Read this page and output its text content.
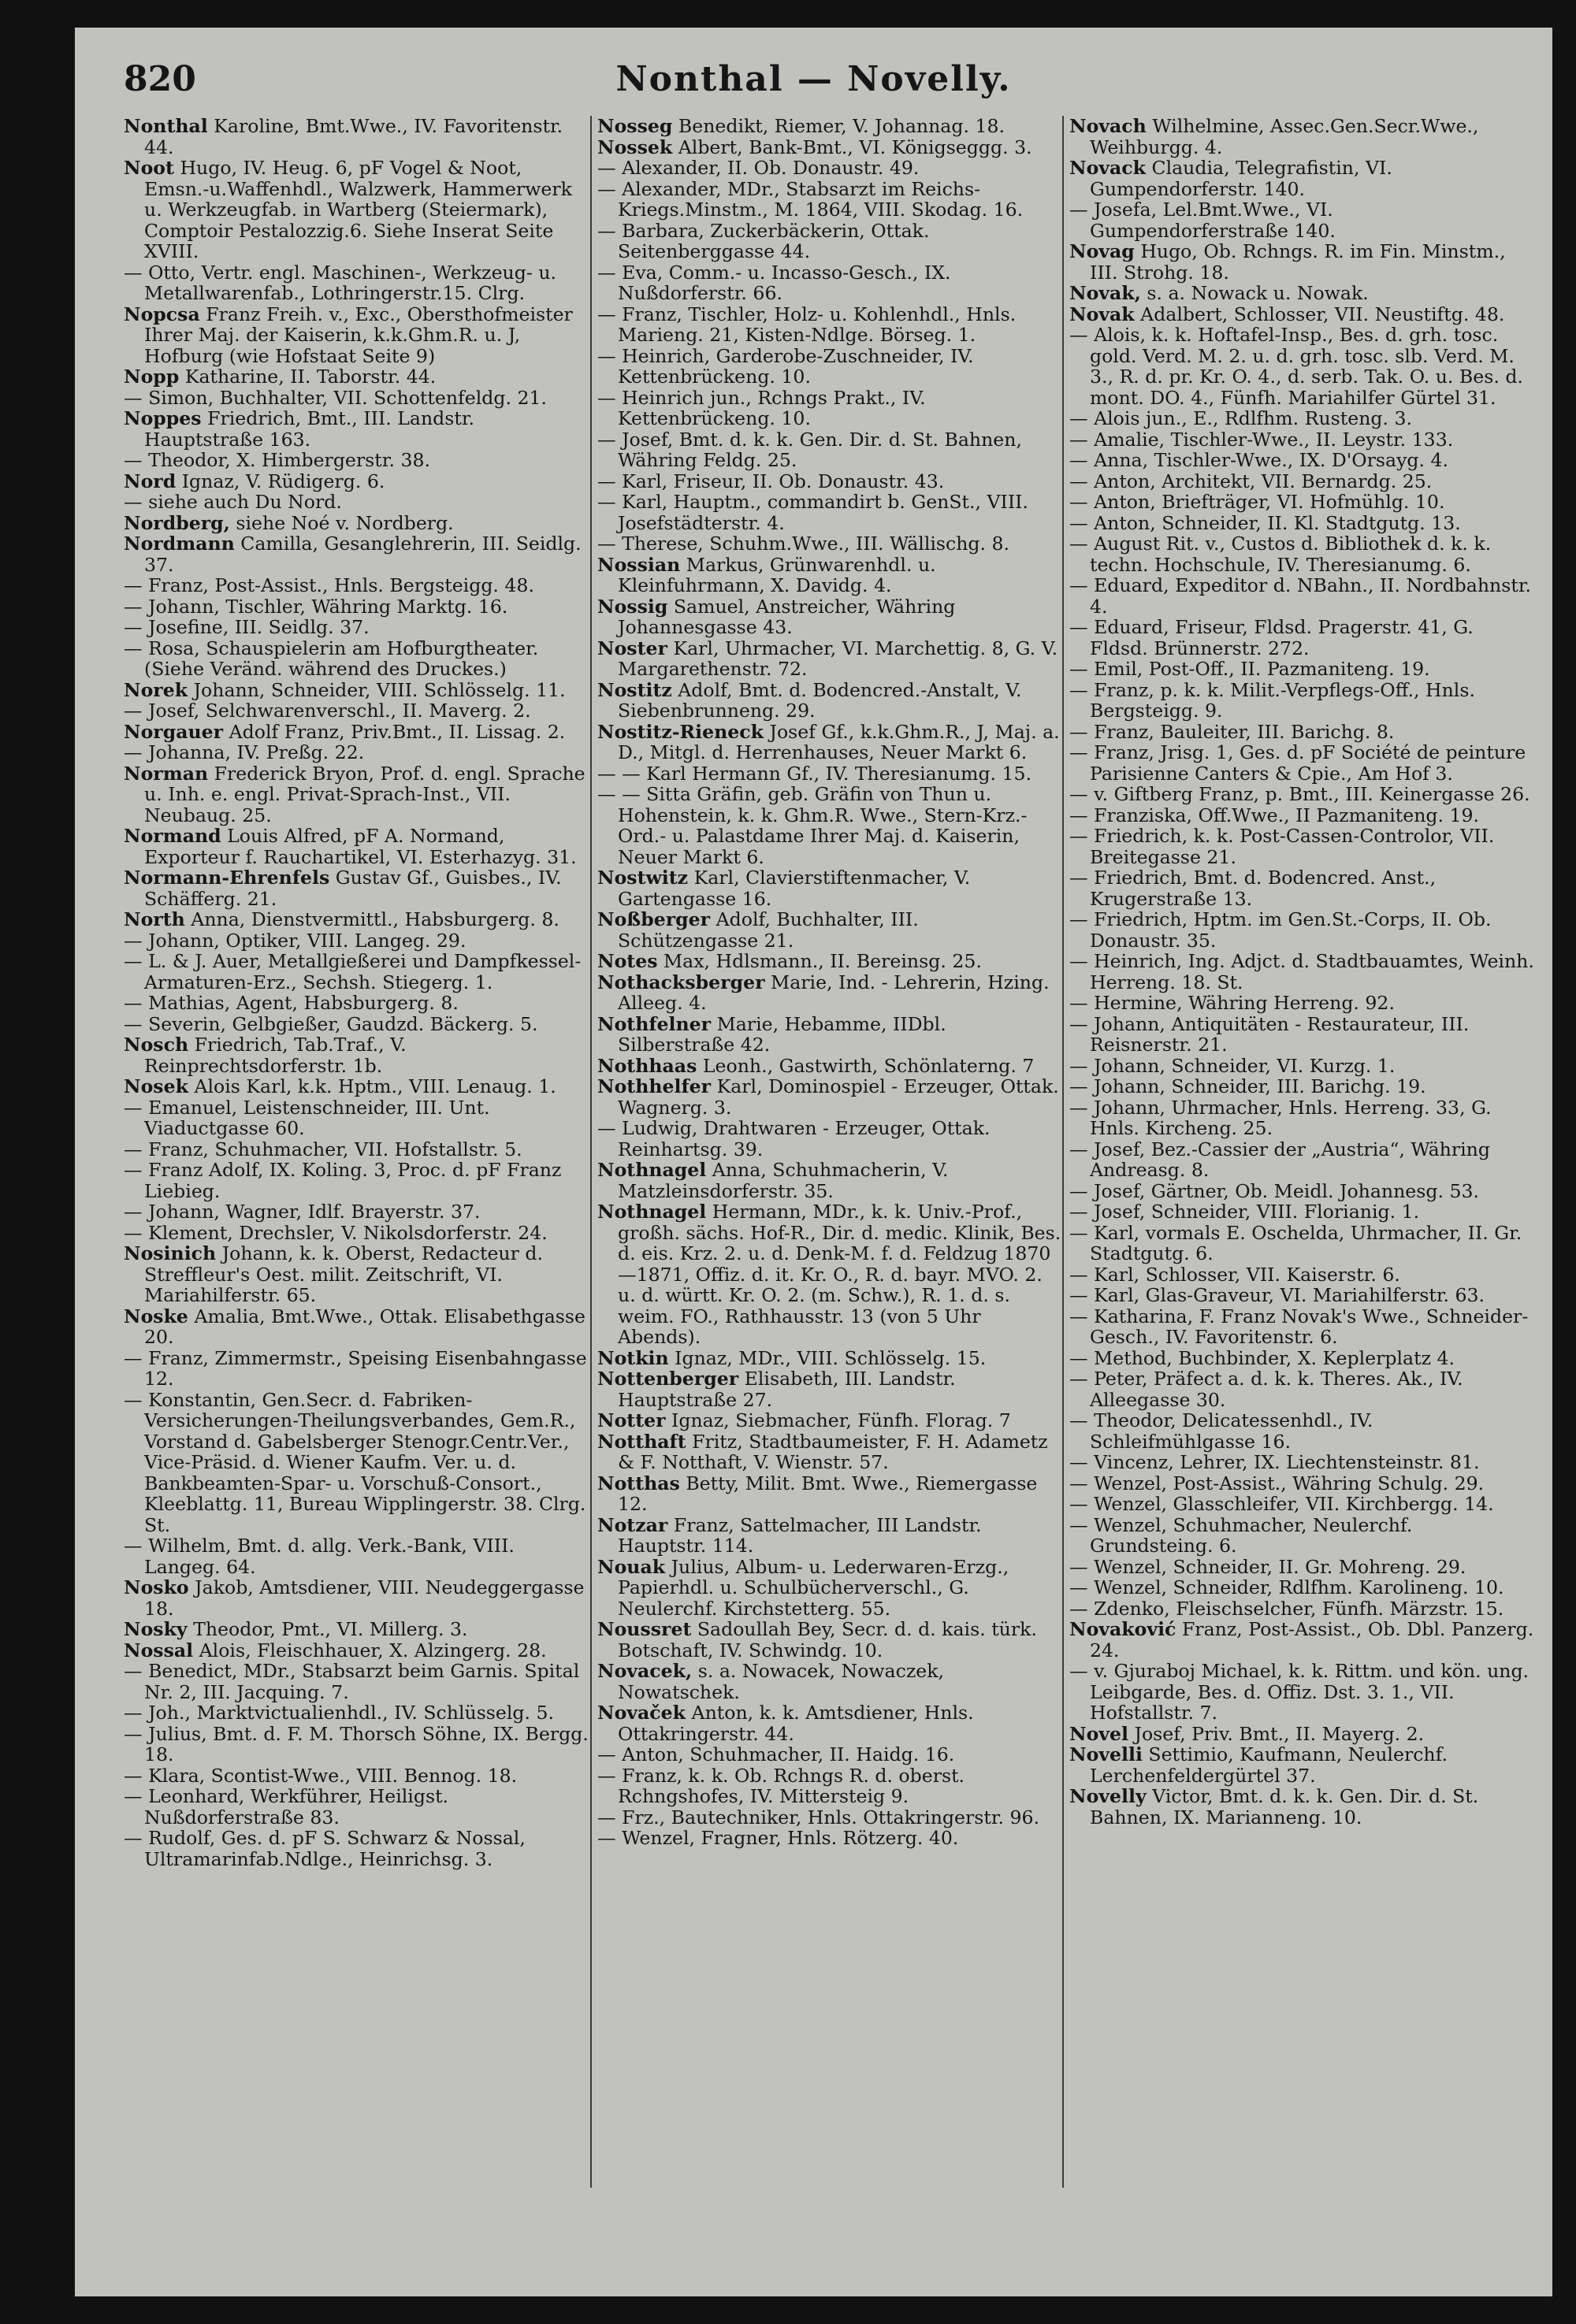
820	Nonthal — Novelly.
Nonthal Karoline, Bmt.Wwe., IV. Favoritenstr. 44.
Noot Hugo, IV. Heug. 6, pF Vogel & Noot, Emsn.-u.Waffenhdl., Walzwerk, Hammerwerk u. Werkzeugfab. in Wartberg (Steiermark), Comptoir Pestalozzig.6. Siehe Inserat Seite XVIII.
— Otto, Vertr. engl. Maschinen-, Werkzeug- u. Metallwarenfab., Lothringerstr.15. Clrg.
Nopcsa Franz Freih. v., Exc., Obersthofmeister Ihrer Maj. der Kaiserin, k.k.Ghm.R. u. J, Hofburg (wie Hofstaat Seite 9)
Nopp Katharine, II. Taborstr. 44.
— Simon, Buchhalter, VII. Schottenfeldg. 21.
Noppes Friedrich, Bmt., III. Landstr. Hauptstraße 163.
— Theodor, X. Himbergerstr. 38.
Nord Ignaz, V. Rüdigerg. 6.
— siehe auch Du Nord.
Nordberg, siehe Noé v. Nordberg.
Nordmann Camilla, Gesanglehrerin, III. Seidlg. 37.
— Franz, Post-Assist., Hnls. Bergsteigg. 48.
— Johann, Tischler, Währing Marktg. 16.
— Josefine, III. Seidlg. 37.
— Rosa, Schauspielerin am Hofburgtheater. (Siehe Veränd. während des Druckes.)
Norek Johann, Schneider, VIII. Schlösselg. 11.
— Josef, Selchwarenverschl., II. Maverg. 2.
Norgauer Adolf Franz, Priv.Bmt., II. Lissag. 2.
— Johanna, IV. Preßg. 22.
Norman Frederick Bryon, Prof. d. engl. Sprache u. Inh. e. engl. Privat-Sprach-Inst., VII. Neubaug. 25.
Normand Louis Alfred, pF A. Normand, Exporteur f. Rauchartikel, VI. Esterhazyg. 31.
Normann-Ehrenfels Gustav Gf., Guisbes., IV. Schäfferg. 21.
North Anna, Dienstvermittl., Habsburgerg. 8.
— Johann, Optiker, VIII. Langeg. 29.
— L. & J. Auer, Metallgießerei und Dampfkessel-Armaturen-Erz., Sechsh. Stiegerg. 1.
— Mathias, Agent, Habsburgerg. 8.
— Severin, Gelbgießer, Gaudzd. Bäckerg. 5.
Nosch Friedrich, Tab.Traf., V. Reinprechtsdorferstr. 1b.
Nosek Alois Karl, k.k. Hptm., VIII. Lenaug. 1.
— Emanuel, Leistenschneider, III. Unt. Viaductgasse 60.
— Franz, Schuhmacher, VII. Hofstallstr. 5.
— Franz Adolf, IX. Koling. 3, Proc. d. pF Franz Liebieg.
— Johann, Wagner, Idlf. Brayerstr. 37.
— Klement, Drechsler, V. Nikolsdorferstr. 24.
Nosinich Johann, k. k. Oberst, Redacteur d. Streffleur's Oest. milit. Zeitschrift, VI. Mariahilferstr. 65.
Noske Amalia, Bmt.Wwe., Ottak. Elisabethgasse 20.
— Franz, Zimmermstr., Speising Eisenbahngasse 12.
— Konstantin, Gen.Secr. d. Fabriken-Versicherungen-Theilungsverbandes, Gem.R., Vorstand d. Gabelsberger Stenogr.Centr.Ver., Vice-Präsid. d. Wiener Kaufm. Ver. u. d. Bankbeamten-Spar- u. Vorschuß-Consort., Kleeblattg. 11, Bureau Wipplingerstr. 38. Clrg. St.
— Wilhelm, Bmt. d. allg. Verk.-Bank, VIII. Langeg. 64.
Nosko Jakob, Amtsdiener, VIII. Neudeggergasse 18.
Nosky Theodor, Pmt., VI. Millerg. 3.
Nossal Alois, Fleischhauer, X. Alzingerg. 28.
— Benedict, MDr., Stabsarzt beim Garnis. Spital Nr. 2, III. Jacquing. 7.
— Joh., Marktvictualienhdl., IV. Schlüsselg. 5.
— Julius, Bmt. d. F. M. Thorsch Söhne, IX. Bergg. 18.
— Klara, Scontist-Wwe., VIII. Bennog. 18.
— Leonhard, Werkführer, Heiligst. Nußdorferstraße 83.
— Rudolf, Ges. d. pF S. Schwarz & Nossal, Ultramarinfab.Ndlge., Heinrichsg. 3.
Nosseg Benedikt, Riemer, V. Johannag. 18.
Nossek Albert, Bank-Bmt., VI. Königseggg. 3.
— Alexander, II. Ob. Donaustr. 49.
— Alexander, MDr., Stabsarzt im Reichs-Kriegs.Minstm., M. 1864, VIII. Skodag. 16.
— Barbara, Zuckerbäckerin, Ottak. Seitenberggasse 44.
— Eva, Comm.- u. Incasso-Gesch., IX. Nußdorferstr. 66.
— Franz, Tischler, Holz- u. Kohlenhdl., Hnls. Marieng. 21, Kisten-Ndlge. Börseg. 1.
— Heinrich, Garderobe-Zuschneider, IV. Kettenbrückeng. 10.
— Heinrich jun., Rchngs Prakt., IV. Kettenbrückeng. 10.
— Josef, Bmt. d. k. k. Gen. Dir. d. St. Bahnen, Währing Feldg. 25.
— Karl, Friseur, II. Ob. Donaustr. 43.
— Karl, Hauptm., commandirt b. GenSt., VIII. Josefstädterstr. 4.
— Therese, Schuhm.Wwe., III. Wällischg. 8.
Nossian Markus, Grünwarenhdl. u. Kleinfuhrmann, X. Davidg. 4.
Nossig Samuel, Anstreicher, Währing Johannesgasse 43.
Noster Karl, Uhrmacher, VI. Marchettig. 8, G. V. Margarethenstr. 72.
Nostitz Adolf, Bmt. d. Bodencred.-Anstalt, V. Siebenbrunneng. 29.
Nostitz-Rieneck Josef Gf., k.k.Ghm.R., J, Maj. a. D., Mitgl. d. Herrenhauses, Neuer Markt 6.
— — Karl Hermann Gf., IV. Theresianumg. 15.
— — Sitta Gräfin, geb. Gräfin von Thun u. Hohenstein, k. k. Ghm.R. Wwe., Stern-Krz.-Ord.- u. Palastdame Ihrer Maj. d. Kaiserin, Neuer Markt 6.
Nostwitz Karl, Clavierstiftenmacher, V. Gartengasse 16.
Noßberger Adolf, Buchhalter, III. Schützengasse 21.
Notes Max, Hdlsmann., II. Bereinsg. 25.
Nothacksberger Marie, Ind. - Lehrerin, Hzing. Alleeg. 4.
Nothfelner Marie, Hebamme, IIDbl. Silberstraße 42.
Nothhaas Leonh., Gastwirth, Schönlaterng. 7
Nothhelfer Karl, Dominospiel - Erzeuger, Ottak. Wagnerg. 3.
— Ludwig, Drahtwaren - Erzeuger, Ottak. Reinhartsg. 39.
Nothnagel Anna, Schuhmacherin, V. Matzleinsdorferstr. 35.
Nothnagel Hermann, MDr., k. k. Univ.-Prof., großh. sächs. Hof-R., Dir. d. medic. Klinik, Bes. d. eis. Krz. 2. u. d. Denk-M. f. d. Feldzug 1870—1871, Offiz. d. it. Kr. O., R. d. bayr. MVO. 2. u. d. württ. Kr. O. 2. (m. Schw.), R. 1. d. s. weim. FO., Rathhausstr. 13 (von 5 Uhr Abends).
Notkin Ignaz, MDr., VIII. Schlösselg. 15.
Nottenberger Elisabeth, III. Landstr. Hauptstraße 27.
Notter Ignaz, Siebmacher, Fünfh. Florag. 7
Notthaft Fritz, Stadtbaumeister, F. H. Adametz & F. Notthaft, V. Wienstr. 57.
Notthas Betty, Milit. Bmt. Wwe., Riemergasse 12.
Notzar Franz, Sattelmacher, III Landstr. Hauptstr. 114.
Nouak Julius, Album- u. Lederwaren-Erzg., Papierhdl. u. Schulbücherverschl., G. Neulerchf. Kirchstetterg. 55.
Noussret Sadoullah Bey, Secr. d. d. kais. türk. Botschaft, IV. Schwindg. 10.
Novacek, s. a. Nowacek, Nowaczek, Nowatschek.
Novaček Anton, k. k. Amtsdiener, Hnls. Ottakringerstr. 44.
— Anton, Schuhmacher, II. Haidg. 16.
— Franz, k. k. Ob. Rchngs R. d. oberst. Rchngshofes, IV. Mittersteig 9.
— Frz., Bautechniker, Hnls. Ottakringerstr. 96.
— Wenzel, Fragner, Hnls. Rötzerg. 40.
Novach Wilhelmine, Assec.Gen.Secr.Wwe., Weihburgg. 4.
Novack Claudia, Telegrafistin, VI. Gumpendorferstr. 140.
— Josefa, Lel.Bmt.Wwe., VI. Gumpendorferstraße 140.
Novag Hugo, Ob. Rchngs. R. im Fin. Minstm., III. Strohg. 18.
Novak, s. a. Nowack u. Nowak.
Novak Adalbert, Schlosser, VII. Neustiftg. 48.
— Alois, k. k. Hoftafel-Insp., Bes. d. grh. tosc. gold. Verd. M. 2. u. d. grh. tosc. slb. Verd. M. 3., R. d. pr. Kr. O. 4., d. serb. Tak. O. u. Bes. d. mont. DO. 4., Fünfh. Mariahilfer Gürtel 31.
— Alois jun., E., Rdlfhm. Rusteng. 3.
— Amalie, Tischler-Wwe., II. Leystr. 133.
— Anna, Tischler-Wwe., IX. D'Orsayg. 4.
— Anton, Architekt, VII. Bernardg. 25.
— Anton, Briefträger, VI. Hofmühlg. 10.
— Anton, Schneider, II. Kl. Stadtgutg. 13.
— August Rit. v., Custos d. Bibliothek d. k. k. techn. Hochschule, IV. Theresianumg. 6.
— Eduard, Expeditor d. NBahn., II. Nordbahnstr. 4.
— Eduard, Friseur, Fldsd. Pragerstr. 41, G. Fldsd. Brünnerstr. 272.
— Emil, Post-Off., II. Pazmaniteng. 19.
— Franz, p. k. k. Milit.-Verpflegs-Off., Hnls. Bergsteigg. 9.
— Franz, Bauleiter, III. Barichg. 8.
— Franz, Jrisg. 1, Ges. d. pF Société de peinture Parisienne Canters & Cpie., Am Hof 3.
— v. Giftberg Franz, p. Bmt., III. Keinergasse 26.
— Franziska, Off.Wwe., II Pazmaniteng. 19.
— Friedrich, k. k. Post-Cassen-Controlor, VII. Breitegasse 21.
— Friedrich, Bmt. d. Bodencred. Anst., Krugerstraße 13.
— Friedrich, Hptm. im Gen.St.-Corps, II. Ob. Donaustr. 35.
— Heinrich, Ing. Adjct. d. Stadtbauamtes, Weinh. Herreng. 18. St.
— Hermine, Währing Herreng. 92.
— Johann, Antiquitäten - Restaurateur, III. Reisnerstr. 21.
— Johann, Schneider, VI. Kurzg. 1.
— Johann, Schneider, III. Barichg. 19.
— Johann, Uhrmacher, Hnls. Herreng. 33, G. Hnls. Kircheng. 25.
— Josef, Bez.-Cassier der „Austria“, Währing Andreasg. 8.
— Josef, Gärtner, Ob. Meidl. Johannesg. 53.
— Josef, Schneider, VIII. Florianig. 1.
— Karl, vormals E. Oschelda, Uhrmacher, II. Gr. Stadtgutg. 6.
— Karl, Schlosser, VII. Kaiserstr. 6.
— Karl, Glas-Graveur, VI. Mariahilferstr. 63.
— Katharina, F. Franz Novak's Wwe., Schneider-Gesch., IV. Favoritenstr. 6.
— Method, Buchbinder, X. Keplerplatz 4.
— Peter, Präfect a. d. k. k. Theres. Ak., IV. Alleegasse 30.
— Theodor, Delicatessenhdl., IV. Schleifmühlgasse 16.
— Vincenz, Lehrer, IX. Liechtensteinstr. 81.
— Wenzel, Post-Assist., Währing Schulg. 29.
— Wenzel, Glasschleifer, VII. Kirchbergg. 14.
— Wenzel, Schuhmacher, Neulerchf. Grundsteing. 6.
— Wenzel, Schneider, II. Gr. Mohreng. 29.
— Wenzel, Schneider, Rdlfhm. Karolineng. 10.
— Zdenko, Fleischselcher, Fünfh. Märzstr. 15.
Novaković Franz, Post-Assist., Ob. Dbl. Panzerg. 24.
— v. Gjuraboj Michael, k. k. Rittm. und kön. ung. Leibgarde, Bes. d. Offiz. Dst. 3. 1., VII. Hofstallstr. 7.
Novel Josef, Priv. Bmt., II. Mayerg. 2.
Novelli Settimio, Kaufmann, Neulerchf. Lerchenfeldergürtel 37.
Novelly Victor, Bmt. d. k. k. Gen. Dir. d. St. Bahnen, IX. Marianneng. 10.
